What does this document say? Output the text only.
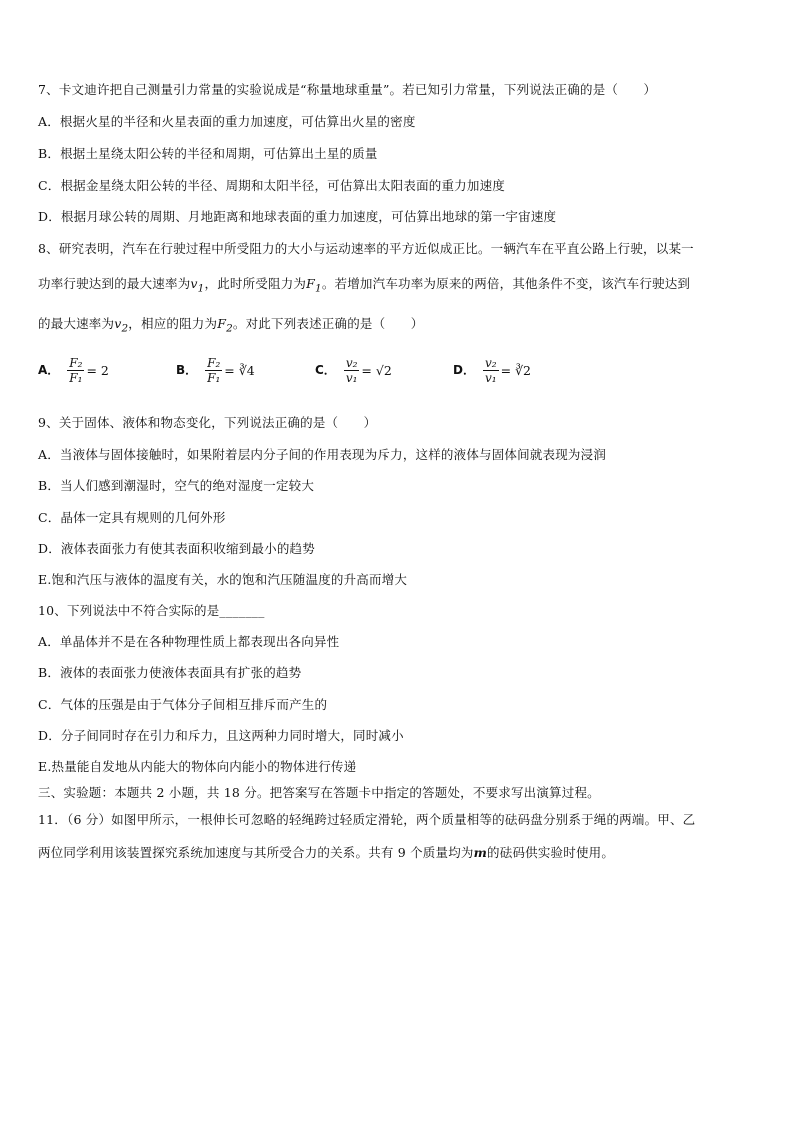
7、卡文迪许把自己测量引力常量的实验说成是“称量地球重量”。若已知引力常量，下列说法正确的是（　　）
A．根据火星的半径和火星表面的重力加速度，可估算出火星的密度
B．根据土星绕太阳公转的半径和周期，可估算出土星的质量
C．根据金星绕太阳公转的半径、周期和太阳半径，可估算出太阳表面的重力加速度
D．根据月球公转的周期、月地距离和地球表面的重力加速度，可估算出地球的第一宇宙速度
8、研究表明，汽车在行驶过程中所受阻力的大小与运动速率的平方近似成正比。一辆汽车在平直公路上行驶，以某一
功率行驶达到的最大速率为$v_1$，此时所受阻力为$F_1$。若增加汽车功率为原来的两倍，其他条件不变，该汽车行驶达到
的最大速率为$v_2$，相应的阻力为$F_2$。对此下列表述正确的是（　　）
A． $\frac{\text{F₂}}{\text{F₁}} = 2$	B． $\frac{\text{F₂}}{\text{F₁}}$ = ∛4	C． $\frac{\text{v₂}}{\text{v₁}} = √2$	D． $\frac{\text{v₂}}{\text{v₁}}$ = ∛2
9、关于固体、液体和物态变化，下列说法正确的是（　　）
A．当液体与固体接触时，如果附着层内分子间的作用表现为斥力，这样的液体与固体间就表现为浸润
B．当人们感到潮湿时，空气的绝对湿度一定较大
C．晶体一定具有规则的几何外形
D．液体表面张力有使其表面积收缩到最小的趋势
E.饱和汽压与液体的温度有关，水的饱和汽压随温度的升高而增大
10、下列说法中不符合实际的是_______
A．单晶体并不是在各种物理性质上都表现出各向异性
B．液体的表面张力使液体表面具有扩张的趋势
C．气体的压强是由于气体分子间相互排斥而产生的
D．分子间同时存在引力和斥力，且这两种力同时增大，同时减小
E.热量能自发地从内能大的物体向内能小的物体进行传递
三、实验题：本题共 2 小题，共 18 分。把答案写在答题卡中指定的答题处，不要求写出演算过程。
11．（6 分）如图甲所示，一根伸长可忽略的轻绳跨过轻质定滑轮，两个质量相等的砝码盘分别系于绳的两端。甲、乙
两位同学利用该装置探究系统加速度与其所受合力的关系。共有 9 个质量均为m的砝码供实验时使用。
